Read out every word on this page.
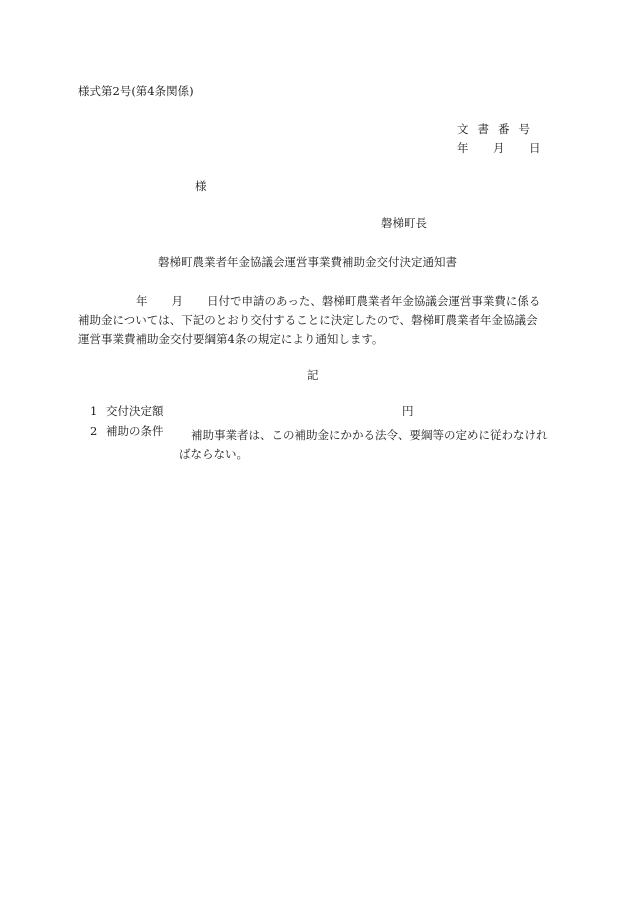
様式第2号(第4条関係)
文書番号
年 月 日
様
磐梯町長
磐梯町農業者年金協議会運営事業費補助金交付決定通知書
年 月 日付で申請のあった、磐梯町農業者年金協議会運営事業費に係る
補助金については、下記のとおり交付することに決定したので、磐梯町農業者年金協議会
運営事業費補助金交付要綱第4条の規定により通知します。
記
1 交付決定額	円
2 補助の条件 補助事業者は、この補助金にかかる法令、要綱等の定めに従わなけれ
ばならない。
